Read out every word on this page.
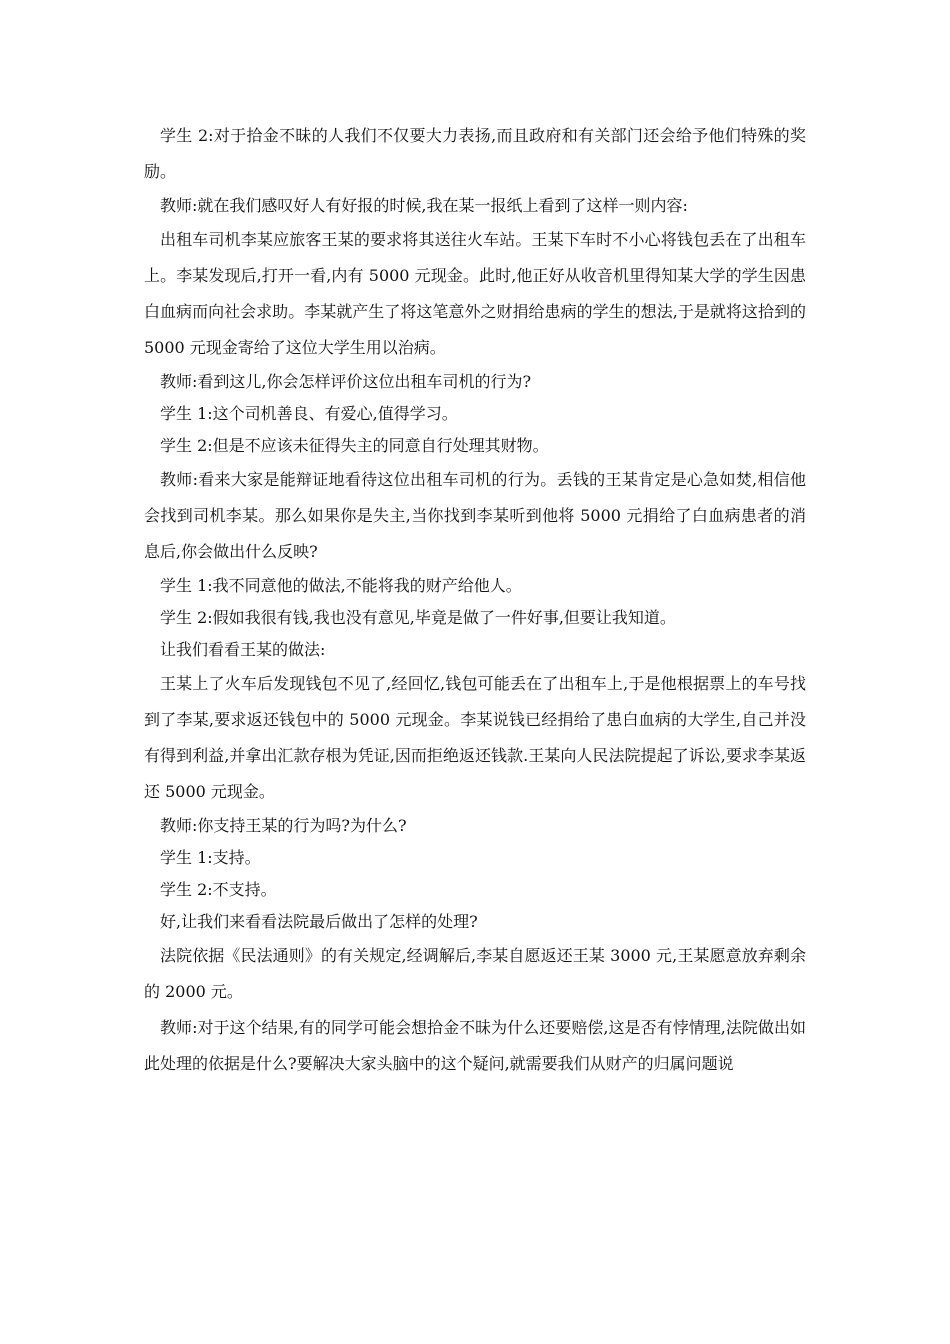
学生 2:对于拾金不昧的人我们不仅要大力表扬,而且政府和有关部门还会给予他们特殊的奖励。

教师:就在我们感叹好人有好报的时候,我在某一报纸上看到了这样一则内容:

出租车司机李某应旅客王某的要求将其送往火车站。王某下车时不小心将钱包丢在了出租车上。李某发现后,打开一看,内有 5000 元现金。此时,他正好从收音机里得知某大学的学生因患白血病而向社会求助。李某就产生了将这笔意外之财捐给患病的学生的想法,于是就将这拾到的 5000 元现金寄给了这位大学生用以治病。

教师:看到这儿,你会怎样评价这位出租车司机的行为?

学生 1:这个司机善良、有爱心,值得学习。

学生 2:但是不应该未征得失主的同意自行处理其财物。

教师:看来大家是能辩证地看待这位出租车司机的行为。丢钱的王某肯定是心急如焚,相信他会找到司机李某。那么如果你是失主,当你找到李某听到他将 5000 元捐给了白血病患者的消息后,你会做出什么反映?

学生 1:我不同意他的做法,不能将我的财产给他人。

学生 2:假如我很有钱,我也没有意见,毕竟是做了一件好事,但要让我知道。

让我们看看王某的做法:

王某上了火车后发现钱包不见了,经回忆,钱包可能丢在了出租车上,于是他根据票上的车号找到了李某,要求返还钱包中的 5000 元现金。李某说钱已经捐给了患白血病的大学生,自己并没有得到利益,并拿出汇款存根为凭证,因而拒绝返还钱款.王某向人民法院提起了诉讼,要求李某返还 5000 元现金。

教师:你支持王某的行为吗?为什么?

学生 1:支持。

学生 2:不支持。

好,让我们来看看法院最后做出了怎样的处理?

法院依据《民法通则》的有关规定,经调解后,李某自愿返还王某 3000 元,王某愿意放弃剩余的 2000 元。

教师:对于这个结果,有的同学可能会想拾金不昧为什么还要赔偿,这是否有悖情理,法院做出如此处理的依据是什么?要解决大家头脑中的这个疑问,就需要我们从财产的归属问题说
